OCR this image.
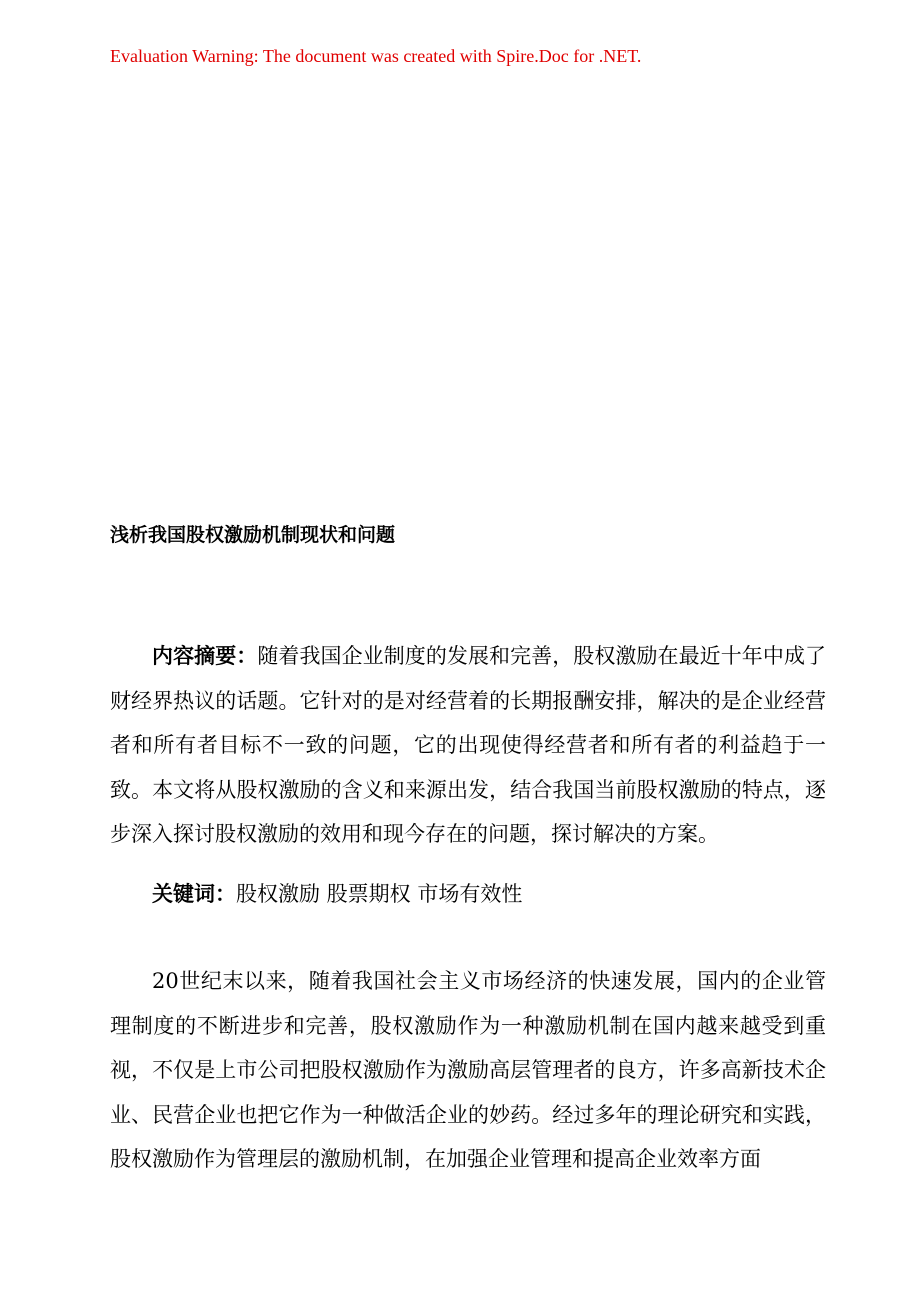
Evaluation Warning: The document was created with Spire.Doc for .NET.
浅析我国股权激励机制现状和问题
内容摘要：随着我国企业制度的发展和完善，股权激励在最近十年中成了财经界热议的话题。它针对的是对经营着的长期报酬安排，解决的是企业经营者和所有者目标不一致的问题，它的出现使得经营者和所有者的利益趋于一致。本文将从股权激励的含义和来源出发，结合我国当前股权激励的特点，逐步深入探讨股权激励的效用和现今存在的问题，探讨解决的方案。
关键词：股权激励 股票期权 市场有效性
20世纪末以来，随着我国社会主义市场经济的快速发展，国内的企业管理制度的不断进步和完善，股权激励作为一种激励机制在国内越来越受到重视，不仅是上市公司把股权激励作为激励高层管理者的良方，许多高新技术企业、民营企业也把它作为一种做活企业的妙药。经过多年的理论研究和实践，股权激励作为管理层的激励机制，在加强企业管理和提高企业效率方面
